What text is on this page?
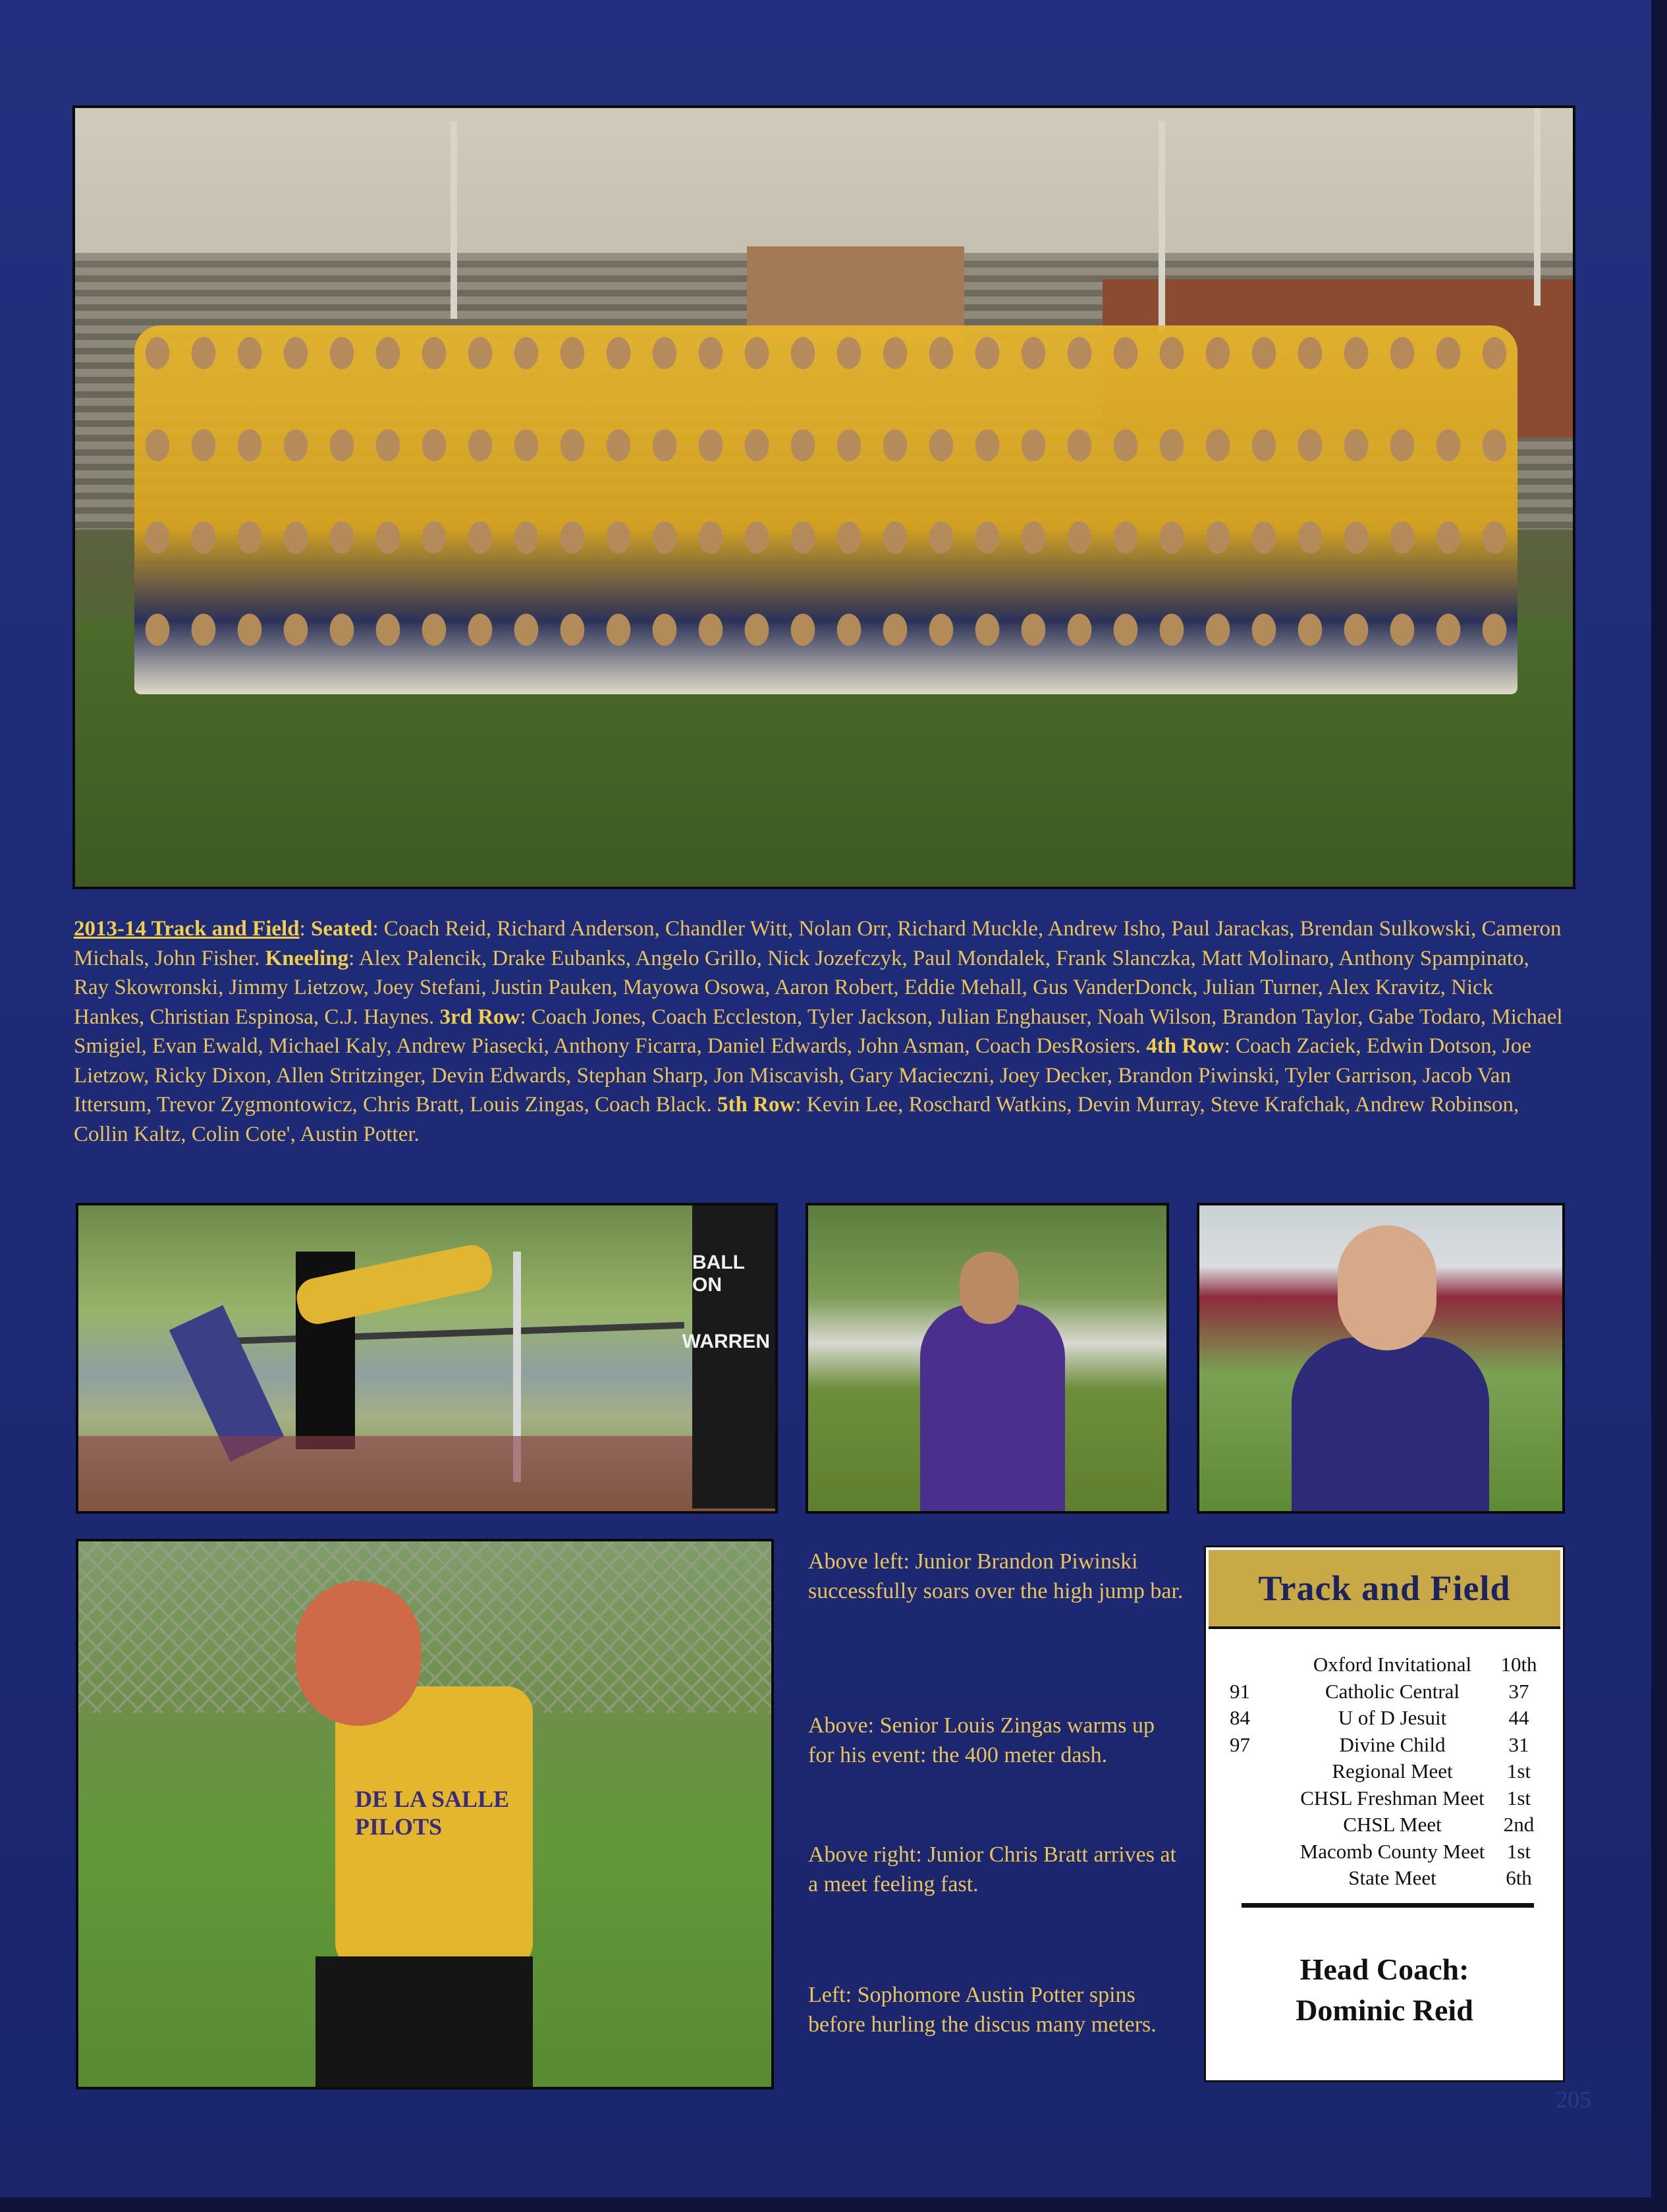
2013-14 Track and Field: Seated: Coach Reid, Richard Anderson, Chandler Witt, Nolan Orr, Richard Muckle, Andrew Isho, Paul Jarackas, Brendan Sulkowski, Cameron Michals, John Fisher. Kneeling: Alex Palencik, Drake Eubanks, Angelo Grillo, Nick Jozefczyk, Paul Mondalek, Frank Slanczka, Matt Molinaro, Anthony Spampinato, Ray Skowronski, Jimmy Lietzow, Joey Stefani, Justin Pauken, Mayowa Osowa, Aaron Robert, Eddie Mehall, Gus VanderDonck, Julian Turner, Alex Kravitz, Nick Hankes, Christian Espinosa, C.J. Haynes. 3rd Row: Coach Jones, Coach Eccleston, Tyler Jackson, Julian Enghauser, Noah Wilson, Brandon Taylor, Gabe Todaro, Michael Smigiel, Evan Ewald, Michael Kaly, Andrew Piasecki, Anthony Ficarra, Daniel Edwards, John Asman, Coach DesRosiers. 4th Row: Coach Zaciek, Edwin Dotson, Joe Lietzow, Ricky Dixon, Allen Stritzinger, Devin Edwards, Stephan Sharp, Jon Miscavish, Gary Macieczni, Joey Decker, Brandon Piwinski, Tyler Garrison, Jacob Van Ittersum, Trevor Zygmontowicz, Chris Bratt, Louis Zingas, Coach Black. 5th Row: Kevin Lee, Roschard Watkins, Devin Murray, Steve Krafchak, Andrew Robinson, Collin Kaltz, Colin Cote', Austin Potter.

BALL ON
WARREN
DE LA SALLE PILOTS

Above left: Junior Brandon Piwinski successfully soars over the high jump bar.

Above: Senior Louis Zingas warms up for his event: the 400 meter dash.

Above right: Junior Chris Bratt arrives at a meet feeling fast.

Left: Sophomore Austin Potter spins before hurling the discus many meters.

Track and Field
	Oxford Invitational	10th
91	Catholic Central	37
84	U of D Jesuit	44
97	Divine Child	31
	Regional Meet	1st
	CHSL Freshman Meet	1st
	CHSL Meet	2nd
	Macomb County Meet	1st
	State Meet	6th
Head Coach:
Dominic Reid
205
